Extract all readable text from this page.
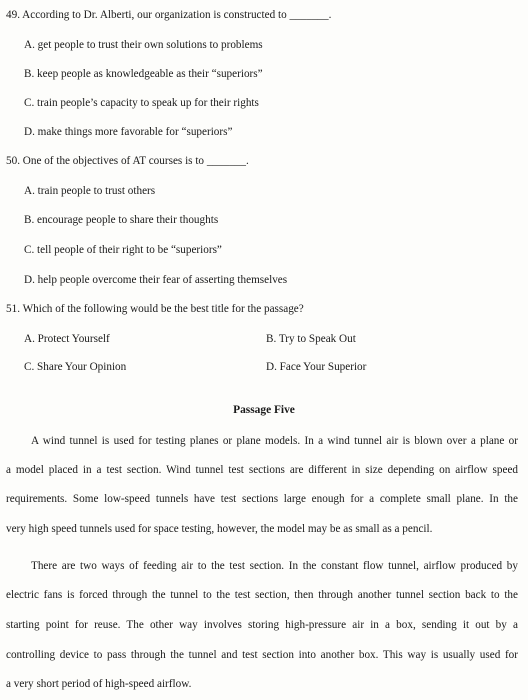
49. According to Dr. Alberti, our organization is constructed to _______.
A. get people to trust their own solutions to problems
B. keep people as knowledgeable as their “superiors”
C. train people’s capacity to speak up for their rights
D. make things more favorable for “superiors”
50. One of the objectives of AT courses is to _______.
A. train people to trust others
B. encourage people to share their thoughts
C. tell people of their right to be “superiors”
D. help people overcome their fear of asserting themselves
51. Which of the following would be the best title for the passage?
A. Protect Yourself	B. Try to Speak Out
C. Share Your Opinion	D. Face Your Superior
Passage Five
A wind tunnel is used for testing planes or plane models. In a wind tunnel air is blown over a plane or
a model placed in a test section. Wind tunnel test sections are different in size depending on airflow speed
requirements. Some low-speed tunnels have test sections large enough for a complete small plane. In the
very high speed tunnels used for space testing, however, the model may be as small as a pencil.
There are two ways of feeding air to the test section. In the constant flow tunnel, airflow produced by
electric fans is forced through the tunnel to the test section, then through another tunnel section back to the
starting point for reuse. The other way involves storing high-pressure air in a box, sending it out by a
controlling device to pass through the tunnel and test section into another box. This way is usually used for
a very short period of high-speed airflow.
